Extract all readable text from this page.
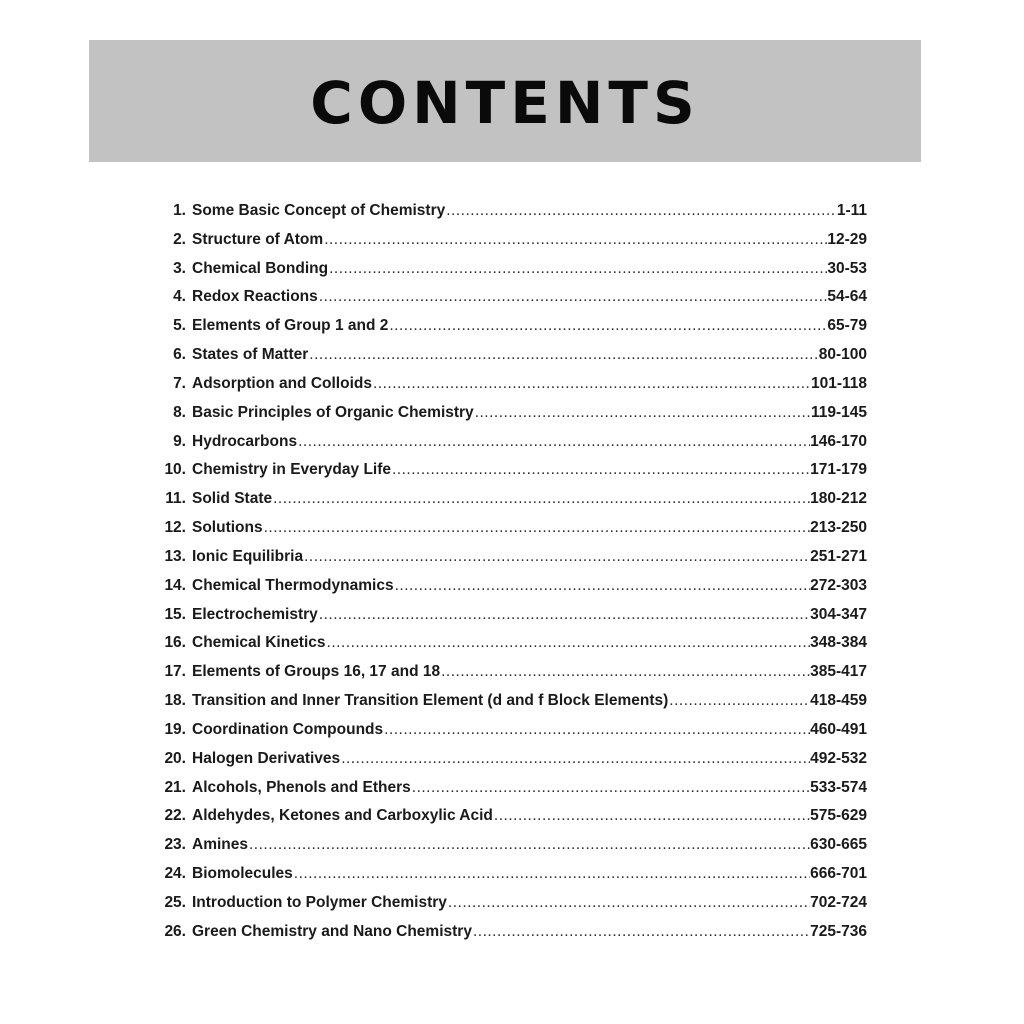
CONTENTS
1. Some Basic Concept of Chemistry .....	1-11
2. Structure of Atom .....	12-29
3. Chemical Bonding .....	30-53
4. Redox Reactions .....	54-64
5. Elements of Group 1 and 2 .....	65-79
6. States of Matter .....	80-100
7. Adsorption and Colloids .....	101-118
8. Basic Principles of Organic Chemistry .....	119-145
9. Hydrocarbons .....	146-170
10. Chemistry in Everyday Life .....	171-179
11. Solid State .....	180-212
12. Solutions .....	213-250
13. Ionic Equilibria .....	251-271
14. Chemical Thermodynamics .....	272-303
15. Electrochemistry .....	304-347
16. Chemical Kinetics .....	348-384
17. Elements of Groups 16, 17 and 18 .....	385-417
18. Transition and Inner Transition Element (d and f Block Elements) .....	418-459
19. Coordination Compounds .....	460-491
20. Halogen Derivatives .....	492-532
21. Alcohols, Phenols and Ethers .....	533-574
22. Aldehydes, Ketones and Carboxylic Acid .....	575-629
23. Amines .....	630-665
24. Biomolecules .....	666-701
25. Introduction to Polymer Chemistry .....	702-724
26. Green Chemistry and Nano Chemistry .....	725-736
